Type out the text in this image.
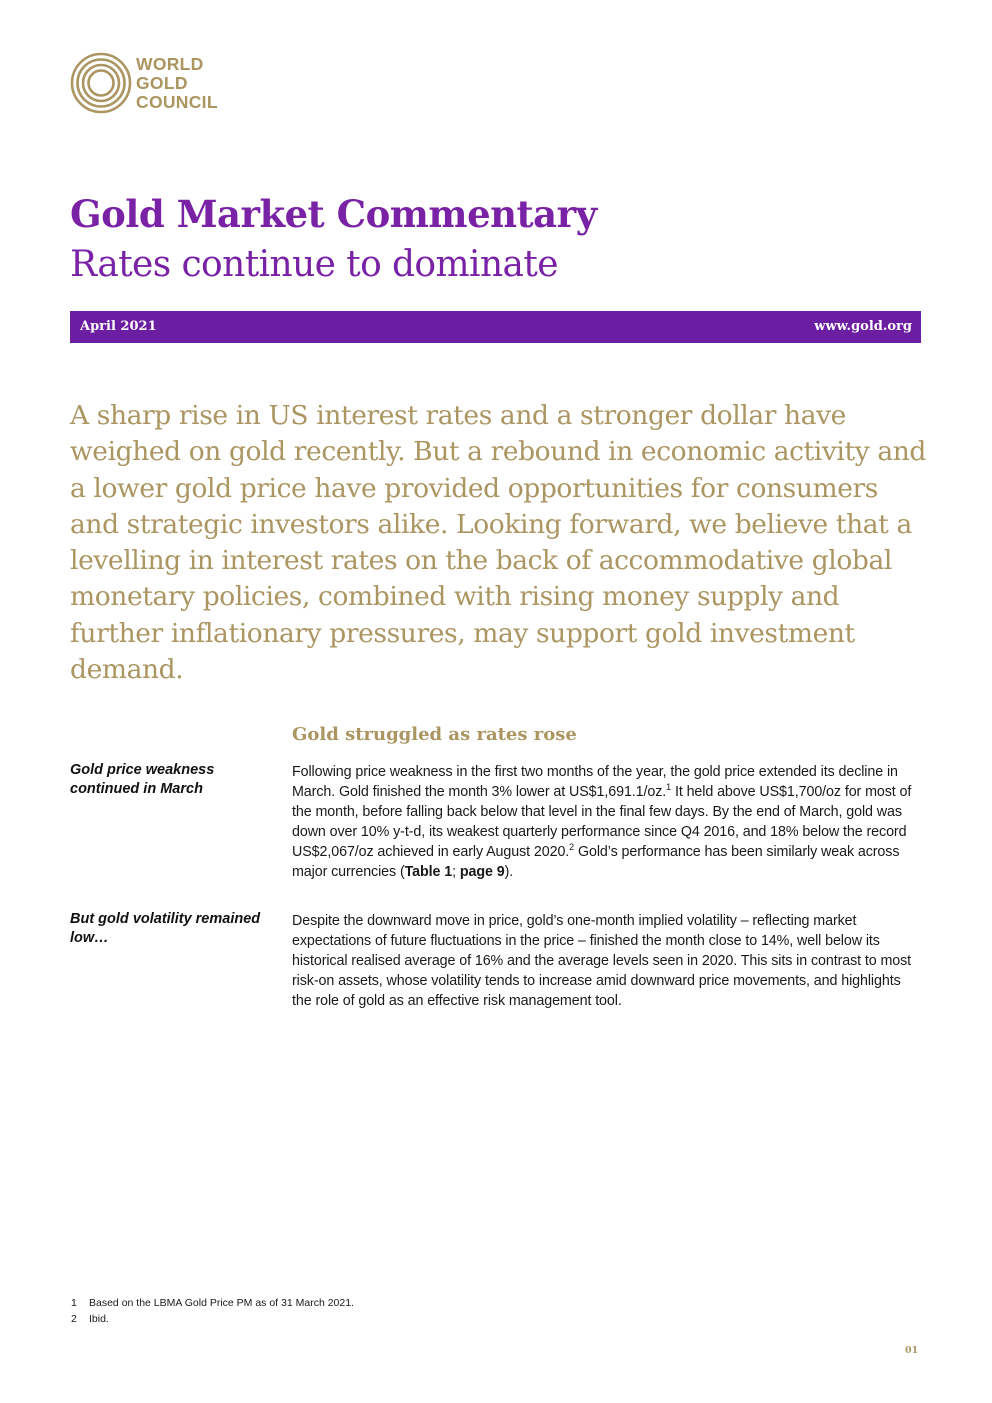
WORLD
GOLD
COUNCIL
Gold Market Commentary
Rates continue to dominate
April 2021	www.gold.org
A sharp rise in US interest rates and a stronger dollar have weighed on gold recently. But a rebound in economic activity and a lower gold price have provided opportunities for consumers and strategic investors alike. Looking forward, we believe that a levelling in interest rates on the back of accommodative global monetary policies, combined with rising money supply and further inflationary pressures, may support gold investment demand.
Gold struggled as rates rose
Gold price weakness continued in March
Following price weakness in the first two months of the year, the gold price extended its decline in March. Gold finished the month 3% lower at US$1,691.1/oz.$^1$ It held above US$1,700/oz for most of the month, before falling back below that level in the final few days. By the end of March, gold was down over 10% y-t-d, its weakest quarterly performance since Q4 2016, and 18% below the record US$2,067/oz achieved in early August 2020.$^2$ Gold’s performance has been similarly weak across major currencies (Table 1; page 9).
But gold volatility remained low…
Despite the downward move in price, gold’s one-month implied volatility – reflecting market expectations of future fluctuations in the price – finished the month close to 14%, well below its historical realised average of 16% and the average levels seen in 2020. This sits in contrast to most risk-on assets, whose volatility tends to increase amid downward price movements, and highlights the role of gold as an effective risk management tool.
1 Based on the LBMA Gold Price PM as of 31 March 2021.
2 Ibid.
01
